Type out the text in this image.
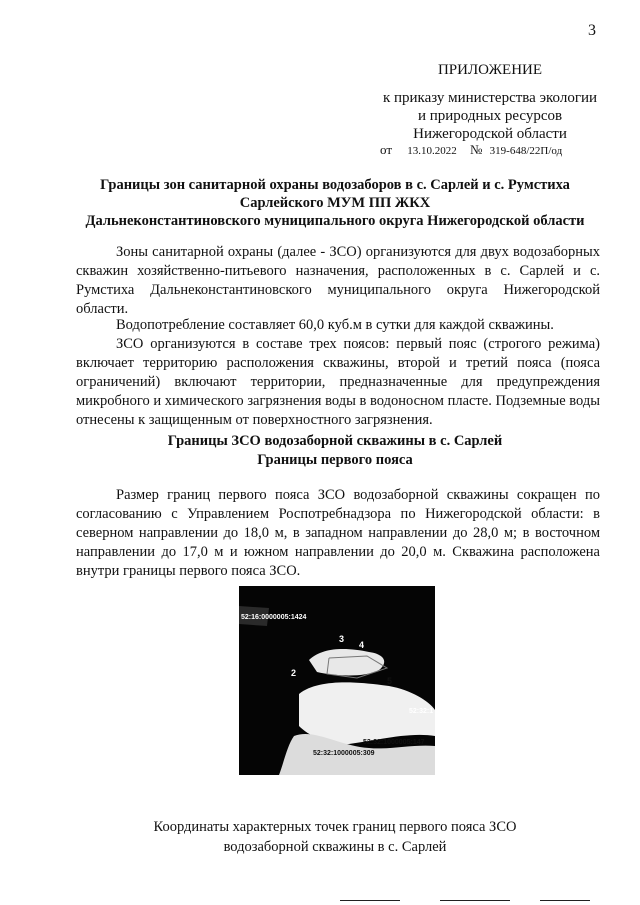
3
ПРИЛОЖЕНИЕ
к приказу министерства экологии
и природных ресурсов
Нижегородской области
от 13.10.2022 № 319-648/22П/од
Границы зон санитарной охраны водозаборов в с. Сарлей и с. Румстиха
Сарлейского МУМ ПП ЖКХ
Дальнеконстантиновского муниципального округа Нижегородской области
Зоны санитарной охраны (далее - ЗСО) организуются для двух водозаборных скважин хозяйственно-питьевого назначения, расположенных в с. Сарлей и с. Румстиха Дальнеконстантиновского муниципального округа Нижегородской области.
Водопотребление составляет 60,0 куб.м в сутки для каждой скважины.
ЗСО организуются в составе трех поясов: первый пояс (строгого режима) включает территорию расположения скважины, второй и третий пояса (пояса ограничений) включают территории, предназначенные для предупреждения микробного и химического загрязнения воды в водоносном пласте. Подземные воды отнесены к защищенным от поверхностного загрязнения.
Границы ЗСО водозаборной скважины в с. Сарлей
Границы первого пояса
Размер границ первого пояса ЗСО водозаборной скважины сокращен по согласованию с Управлением Роспотребнадзора по Нижегородской области: в северном направлении до 18,0 м, в западном направлении до 28,0 м; в восточном направлении до 17,0 м и южном направлении до 20,0 м. Скважина расположена внутри границы первого пояса ЗСО.
52:16:0000005:1424
52:32:1
52:32:1000005:147
52:32:1000005:309
2
3
4
5
Координаты характерных точек границ первого пояса ЗСО
водозаборной скважины в с. Сарлей
